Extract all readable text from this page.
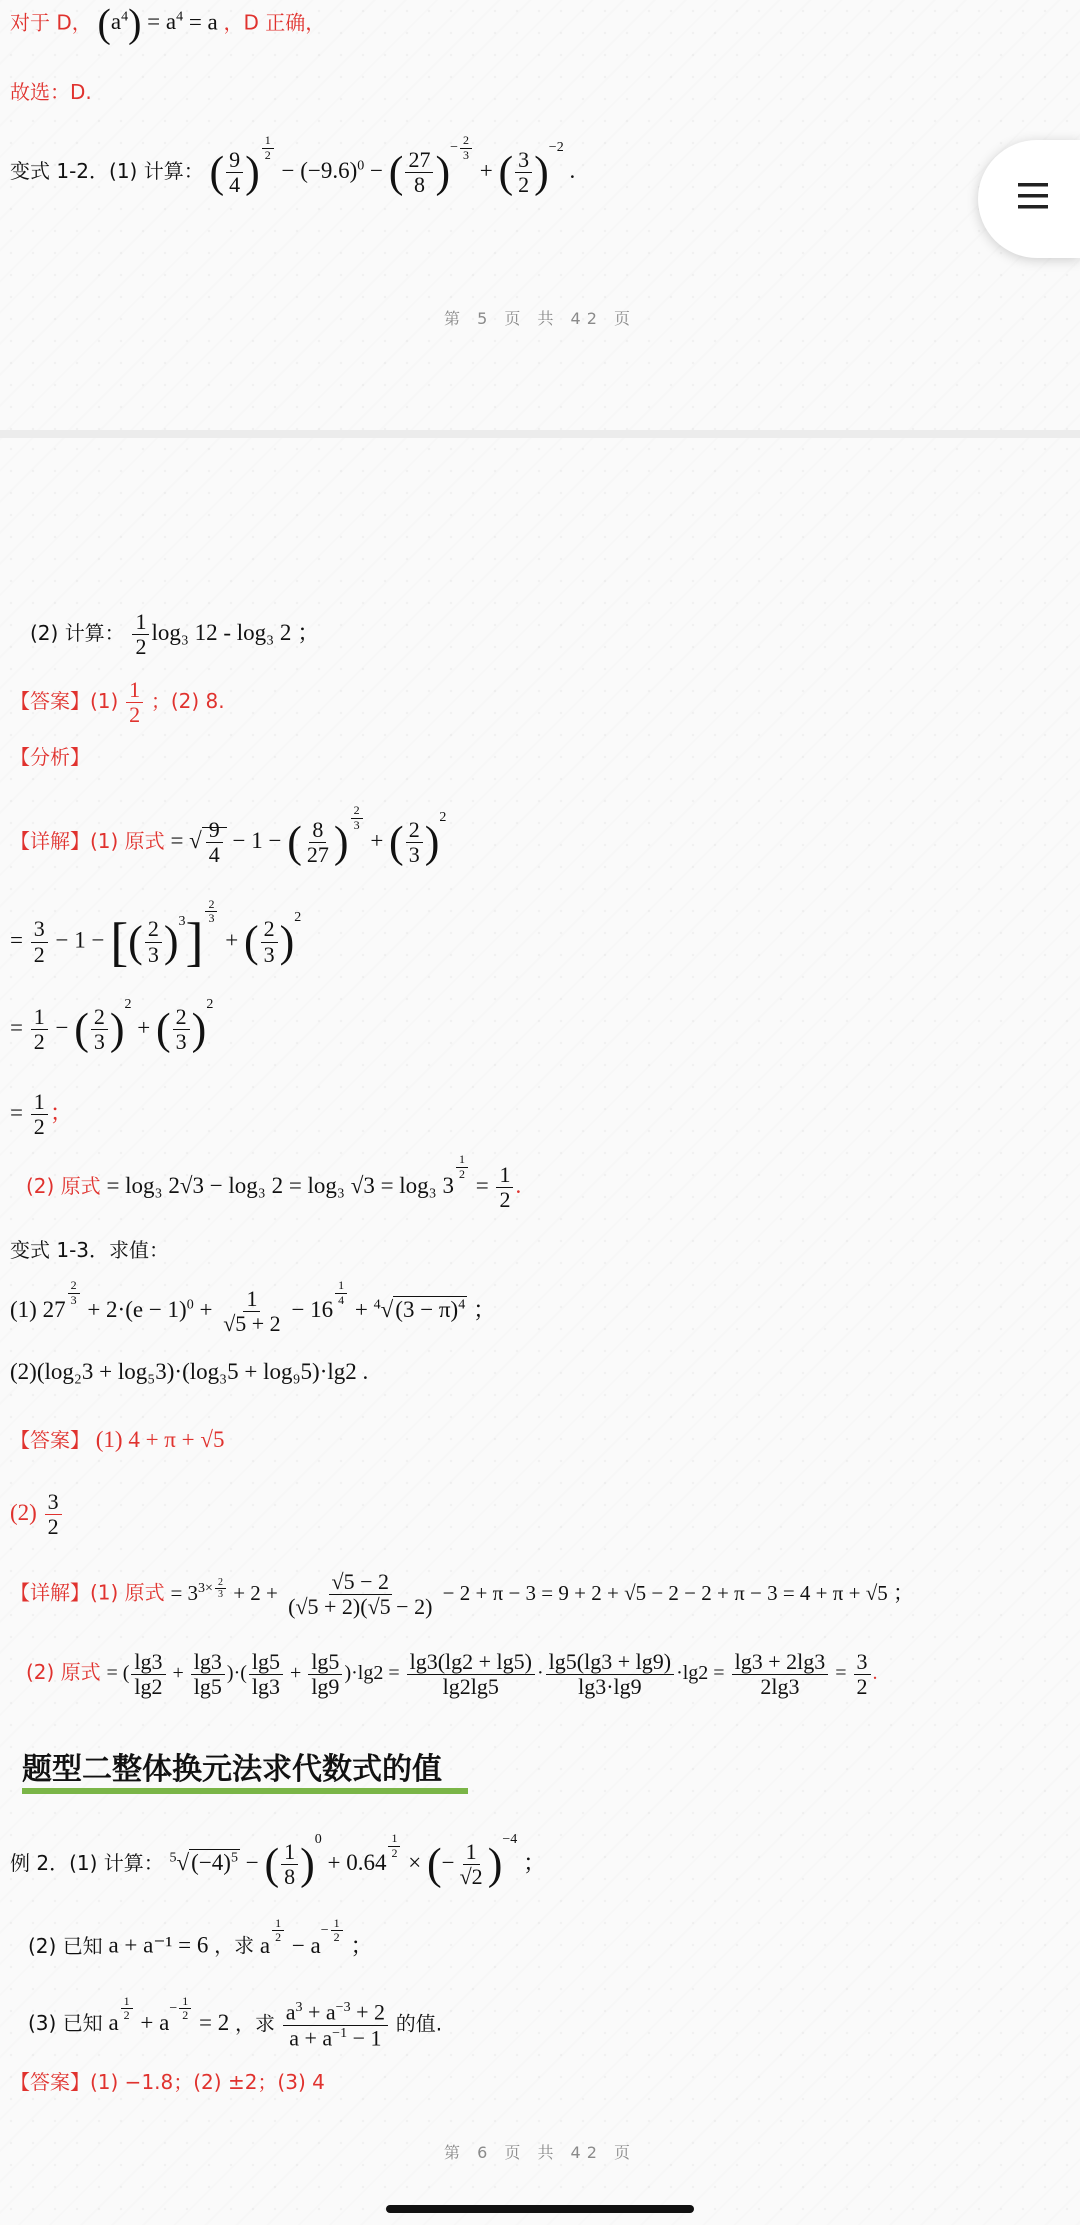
对于 D， $(a^4) = a^4 = a$ ，D 正确，
故选：D.
变式 1-2．(1) 计算： ( $\frac{9}{4}$ ) $^{\frac{1}{2}}$
− $(-9.6)^0$ − ( $\frac{27}{8} )^{- \frac{2}{3}}$
+ ( $\frac{3}{2} )^{-2}$ .
第 5 页 共 42 页
(2) 计算： $\frac{1}{2} \log_3$ 12 - log₃ 2 ；
【答案】$(1) \frac{1}{2}$ ；(2) 8.
【分析】
【详解】(1) 原式 = √ $\frac{9}{4} - 1$ − ( $\frac{8}{27}$ ) $^{\frac{2}{3}}$
+ ( $\frac{2}{3} )^2$
= $\frac{3}{2} - 1$ − [( $\frac{2}{3} )^3$]
$^{\frac{2}{3}}$
+ ( $\frac{2}{3} )^2$
= $\frac{1}{2}$ − ( $\frac{2}{3} )^2$ + ( $\frac{2}{3} )^2$
= $\frac{1}{2}$ ；
(2) 原式 = log₃ 2√3 − log₃ 2 = log₃ √3 = log₃ 3
$^{\frac{1}{2}}$
= $\frac{1}{2}$ .
变式 1-3．求值：
(1) 27
$^{\frac{2}{3}}$
+ $2\cdot(e - 1)^0 + \frac{1}{√5 + 2} - 16$
$^{\frac{1}{4}}$
+ $^4√(3 - \pi)^4$ ；
(2)(log₂3 + log₅3)·(log₃5 + log₉5)·lg2 .
【答案】 (1) 4 + π + √5
$(2) \frac{3}{2}$
【详解】(1) 原式 = $3^{3\times \frac{2}{3}} + 2 + \frac{√5 - 2}{(√5 + 2)(√5 - 2)} - 2 + \pi - 3 = 9 + 2 + √5 - 2 - 2 + \pi - 3 = 4 + \pi + √5$ ；
(2) 原式 = ( $\frac{\lg 3}{\lg 2} + \frac{\lg 3}{\lg 5}$ )·( $\frac{\lg 5}{\lg 3} + \frac{\lg 5}{\lg 9} )\cdot\lg 2 = \frac{\lg 3(\lg 2 + \lg 5)}{\lg 2\lg 5} \cdot \frac{\lg 5(\lg 3 + \lg 9)}{\lg 3\cdot\lg 9} \cdot\lg 2 = \frac{\lg 3 + 2\lg 3}{2\lg 3} = \frac{3}{2}$ .
题型二整体换元法求代数式的值
例 2．(1) 计算： $^5√(-4)^5$ − ( $\frac{1}{8} )^0 + 0.64$
$^{\frac{1}{2}}$
× (− $\frac{1}{√2} )^{-4}$ ；
(2) 已知 a + a⁻¹ = 6 ，求 a
$^{\frac{1}{2}}$
− $a^{- \frac{1}{2}}$
；
(3) 已知 a
$^{\frac{1}{2}}$
+ $a^{- \frac{1}{2}}$
= 2 ，求 $\frac{a^3 + a^{-3} + 2}{a + a^{-1} - 1}$ 的值.
【答案】(1) −1.8；(2) ±2；(3) 4
第 6 页 共 42 页
